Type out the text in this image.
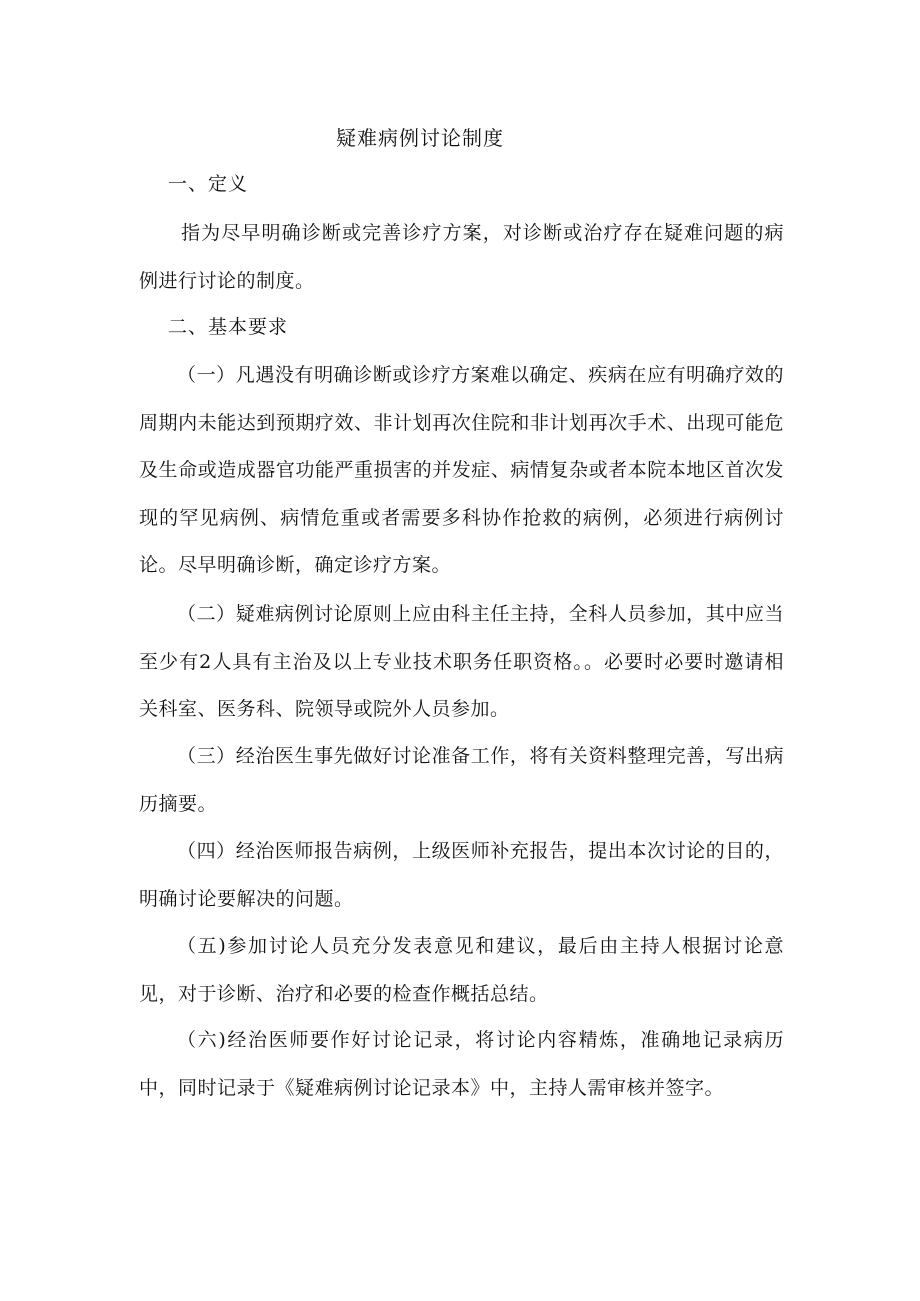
疑难病例讨论制度
一、定义

指为尽早明确诊断或完善诊疗方案，对诊断或治疗存在疑难问题的病例进行讨论的制度。

二、基本要求

（一）凡遇没有明确诊断或诊疗方案难以确定、疾病在应有明确疗效的周期内未能达到预期疗效、非计划再次住院和非计划再次手术、出现可能危及生命或造成器官功能严重损害的并发症、病情复杂或者本院本地区首次发现的罕见病例、病情危重或者需要多科协作抢救的病例，必须进行病例讨论。尽早明确诊断，确定诊疗方案。

（二）疑难病例讨论原则上应由科主任主持，全科人员参加，其中应当至少有2人具有主治及以上专业技术职务任职资格。。必要时必要时邀请相关科室、医务科、院领导或院外人员参加。

（三）经治医生事先做好讨论准备工作，将有关资料整理完善，写出病历摘要。

（四）经治医师报告病例，上级医师补充报告，提出本次讨论的目的，明确讨论要解决的问题。

（五)参加讨论人员充分发表意见和建议，最后由主持人根据讨论意见，对于诊断、治疗和必要的检查作概括总结。

（六)经治医师要作好讨论记录，将讨论内容精炼，准确地记录病历中，同时记录于《疑难病例讨论记录本》中，主持人需审核并签字。
